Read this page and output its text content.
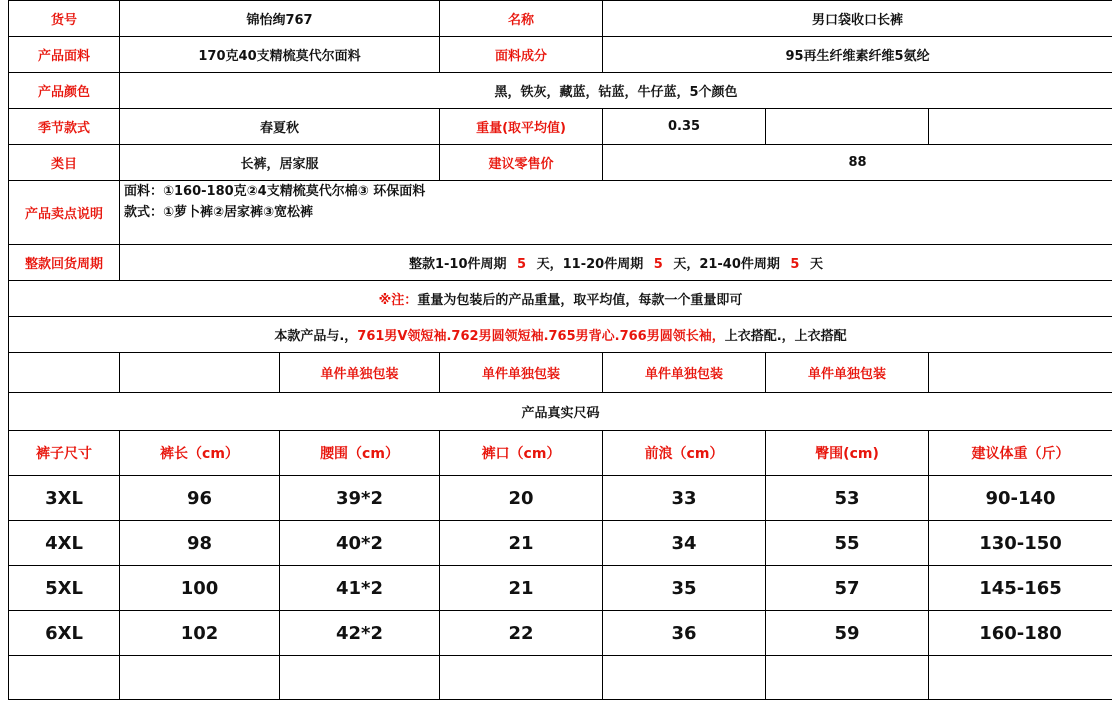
货号	锦怡绚767		名称	男口袋收口长裤		
产品面料	170克40支精梳莫代尔面料		面料成分	95再生纤维素纤维5氨纶		
产品颜色	黑，铁灰，藏蓝，钴蓝，牛仔蓝，5个颜色					
季节款式	春夏秋		重量(取平均值)	0.35		
类目	长裤，居家服		建议零售价	88		
产品卖点说明	面料：①160-180克②4支精梳莫代尔棉③ 环保面料
款式：①萝卜裤②居家裤③宽松裤					

整款回货周期	整款1-10件周期 5 天，11-20件周期 5 天，21-40件周期 5 天					
※注：重量为包装后的产品重量，取平均值，每款一个重量即可						
本款产品与.，761男V领短袖.762男圆领短袖.765男背心.766男圆领长袖，上衣搭配.，上衣搭配						
		单件单独包装	单件单独包装	单件单独包装	单件单独包装	
产品真实尺码						
裤子尺寸	裤长（cm）	腰围（cm）	裤口（cm）	前浪（cm）	臀围(cm)	建议体重（斤）
3XL	96	39*2	20	33	53	90-140
4XL	98	40*2	21	34	55	130-150
5XL	100	41*2	21	35	57	145-165
6XL	102	42*2	22	36	59	160-180
